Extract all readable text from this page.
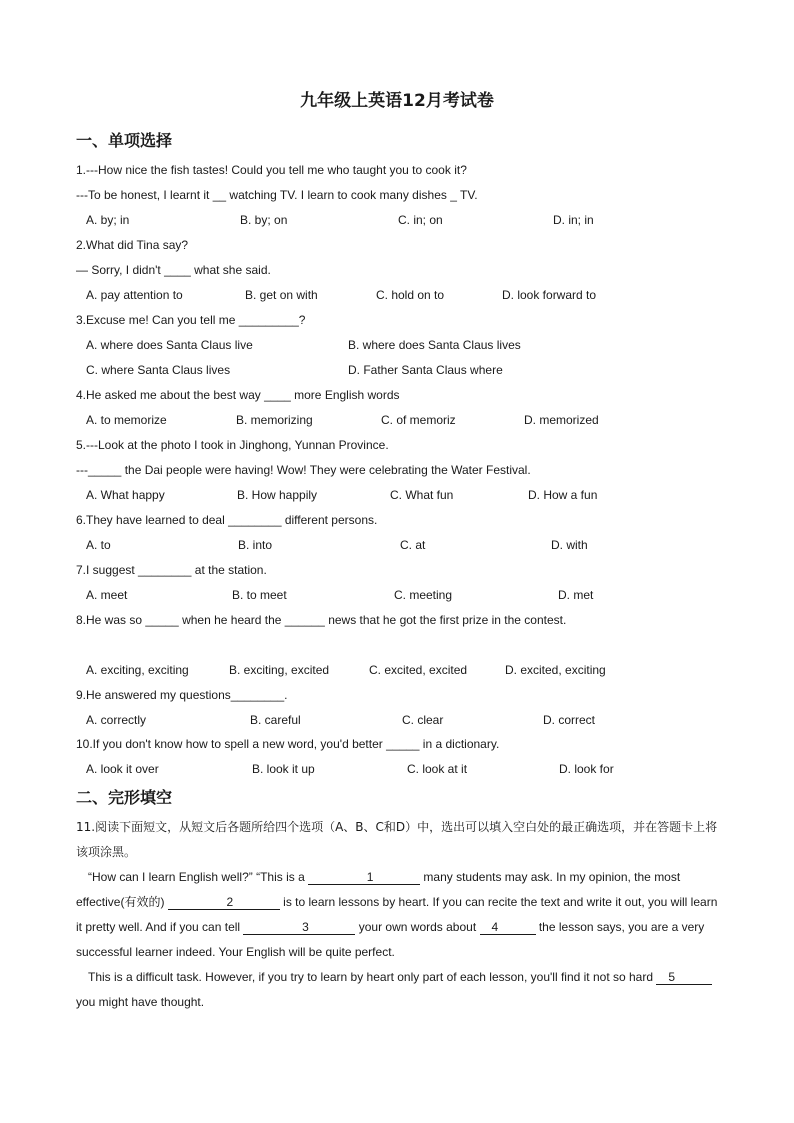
九年级上英语12月考试卷
一、单项选择
1.---How nice the fish tastes! Could you tell me who taught you to cook it?
---To be honest, I learnt it __ watching TV. I learn to cook many dishes _ TV.
A. by; in	B. by; on	C. in; on	D. in; in
2.What did Tina say?
— Sorry, I didn't ____ what she said.
A. pay attention to	B. get on with	C. hold on to	D. look forward to
3.Excuse me! Can you tell me _________?
A. where does Santa Claus live	B. where does Santa Claus lives
C. where Santa Claus lives	D. Father Santa Claus where
4.He asked me about the best way ____ more English words
A. to memorize	B. memorizing	C. of memoriz	D. memorized
5.---Look at the photo I took in Jinghong, Yunnan Province.
---_____ the Dai people were having! Wow! They were celebrating the Water Festival.
A. What happy	B. How happily	C. What fun	D. How a fun
6.They have learned to deal ________ different persons.
A. to	B. into	C. at	D. with
7.I suggest ________ at the station.
A. meet	B. to meet	C. meeting	D. met
8.He was so _____ when he heard the ______ news that he got the first prize in the contest.
A. exciting, exciting	B. exciting, excited	C. excited, excited	D. excited, exciting
9.He answered my questions________.
A. correctly	B. careful	C. clear	D. correct
10.If you don't know how to spell a new word, you'd better _____ in a dictionary.
A. look it over	B. look it up	C. look at it	D. look for
二、完形填空
11.阅读下面短文，从短文后各题所给四个选项（A、B、C和D）中，选出可以填入空白处的最正确选项，并在答题卡上将该项涂黑。
“How can I learn English well?” “This is a	1	many students may ask. In my opinion, the most effective(有效的)	2	is to learn lessons by heart. If you can recite the text and write it out, you will learn it pretty well. And if you can tell	3	your own words about 4	the lesson says, you are a very successful learner indeed. Your English will be quite perfect.
This is a difficult task. However, if you try to learn by heart only part of each lesson, you'll find it not so hard 5 you might have thought.
